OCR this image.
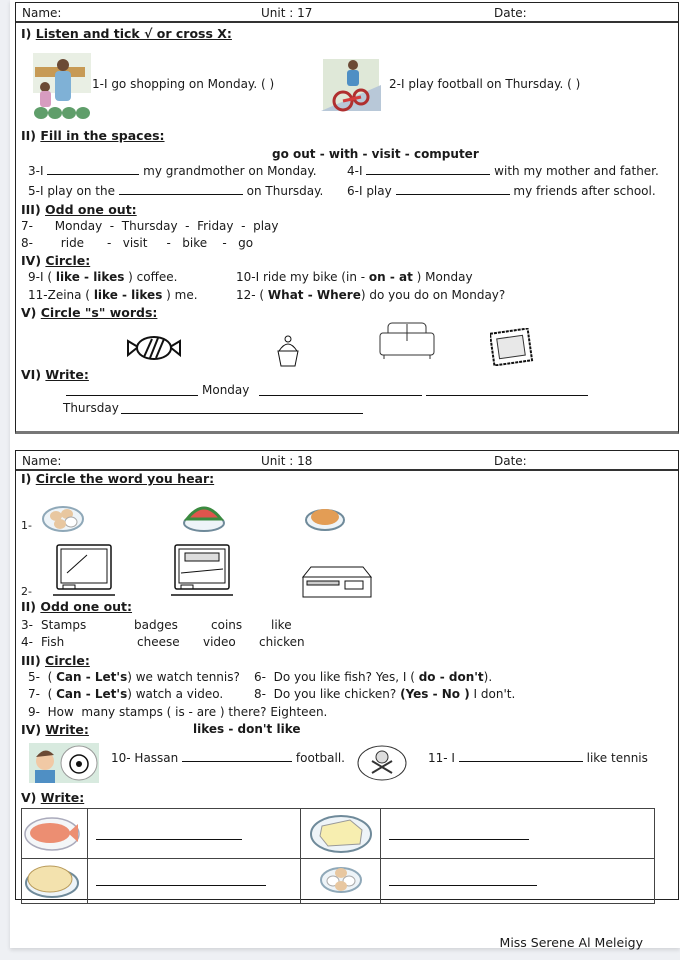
Name:	Unit : 17	Date:
I) Listen and tick √ or cross X:
1-I go shopping on Monday. ( )	2-I play football on Thursday. ( )
II) Fill in the spaces:
go out - with - visit - computer
3-I	my grandmother on Monday.	4-I	with my mother and father.
5-I play on the	on Thursday. 6-I play	my friends after school.
III) Odd one out:
7- Monday  -  Thursday  -  Friday  -  play
8- ride      -   visit     -   bike    -   go
IV) Circle:
9-I ( like - likes ) coffee.	10-I ride my bike (in - on - at ) Monday
11-Zeina ( like - likes ) me.	12- ( What - Where) do you do on Monday?
V) Circle "s" words:
VI) Write:
Monday
Thursday
Name:	Unit : 18	Date:
I) Circle the word you hear:
1-
2-
II) Odd one out:
3- Stamps	badges	coins like
4- Fish	cheese video chicken
III) Circle:
5-  ( Can - Let's) we watch tennis? 6-  Do you like fish? Yes, I ( do - don't).
7-  ( Can - Let's) watch a video.	8-  Do you like chicken? (Yes - No ) I don't.
9-  How  many stamps ( is - are ) there? Eighteen.
IV) Write:	likes - don't like
10- Hassan	football.	11- I	like tennis
V) Write:

Miss Serene Al Meleigy
